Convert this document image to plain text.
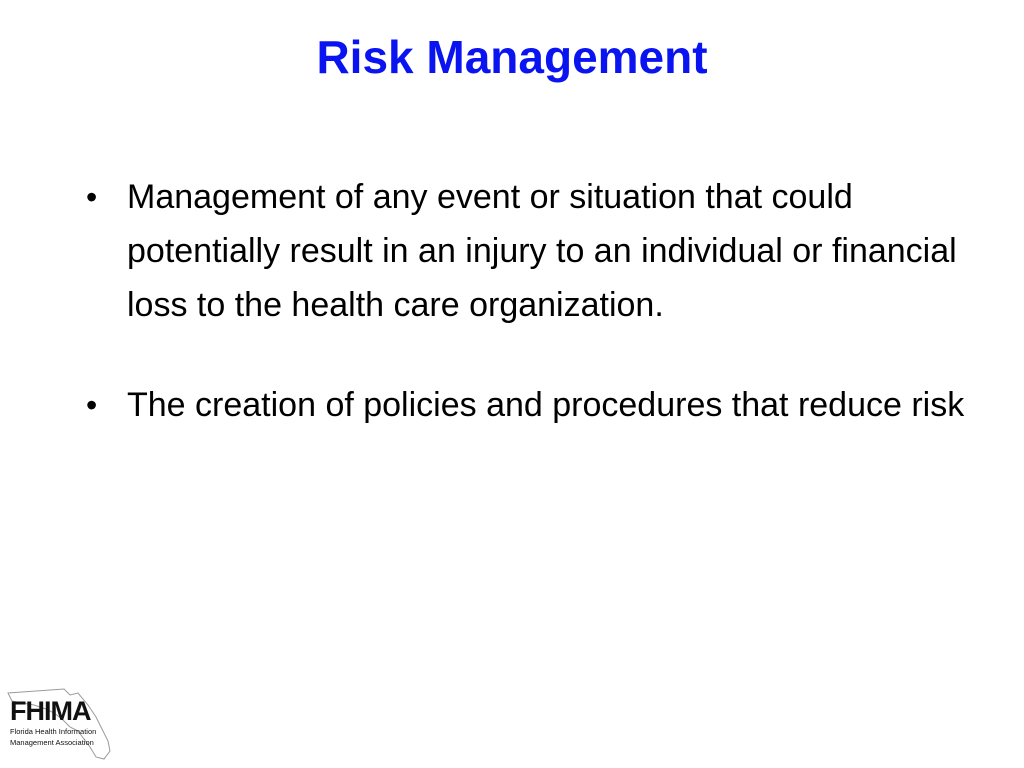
Risk Management
• Management of any event or situation that could potentially result in an injury to an individual or financial loss to the health care organization.
• The creation of policies and procedures that reduce risk
FHIMA
Florida Health Information
Management Association
